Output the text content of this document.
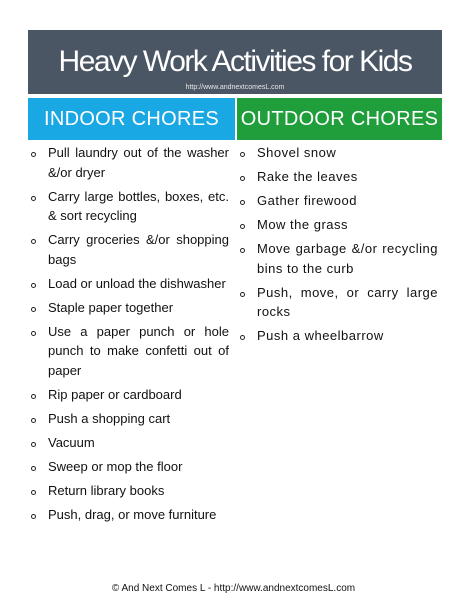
Heavy Work Activities for Kids
http://www.andnextcomesL.com
INDOOR CHORES	OUTDOOR CHORES
Pull laundry out of the washer &/or dryer
Carry large bottles, boxes, etc. & sort recycling
Carry groceries &/or shopping bags
Load or unload the dishwasher
Staple paper together
Use a paper punch or hole punch to make confetti out of paper
Rip paper or cardboard
Push a shopping cart
Vacuum
Sweep or mop the floor
Return library books
Push, drag, or move furniture
Shovel snow
Rake the leaves
Gather firewood
Mow the grass
Move garbage &/or recycling bins to the curb
Push, move, or carry large rocks
Push a wheelbarrow
© And Next Comes L - http://www.andnextcomesL.com
